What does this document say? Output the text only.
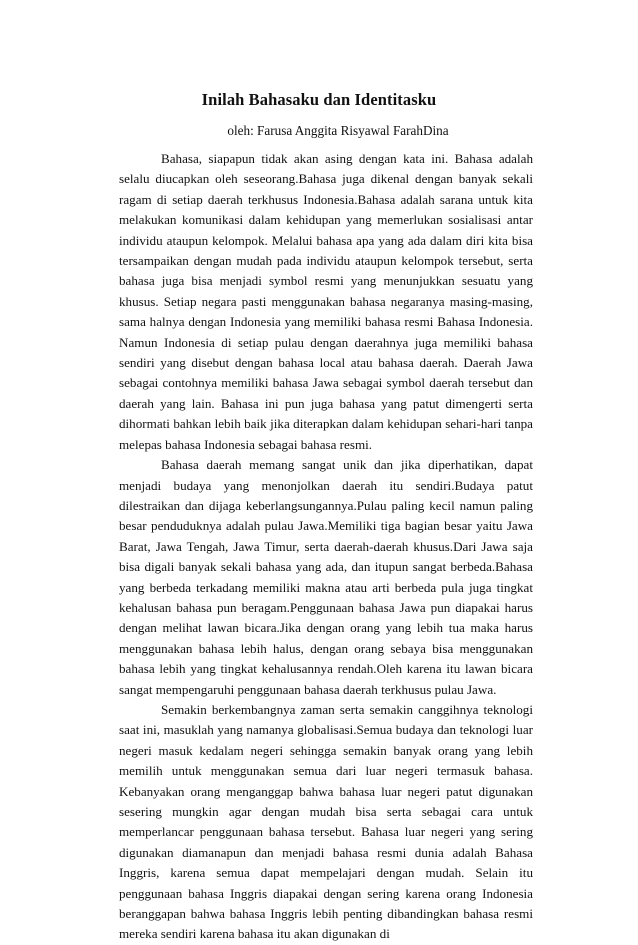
Inilah Bahasaku dan Identitasku

oleh: Farusa Anggita Risyawal FarahDina

Bahasa, siapapun tidak akan asing dengan kata ini. Bahasa adalah selalu diucapkan oleh seseorang.Bahasa juga dikenal dengan banyak sekali ragam di setiap daerah terkhusus Indonesia.Bahasa adalah sarana untuk kita melakukan komunikasi dalam kehidupan yang memerlukan sosialisasi antar individu ataupun kelompok. Melalui bahasa apa yang ada dalam diri kita bisa tersampaikan dengan mudah pada individu ataupun kelompok tersebut, serta bahasa juga bisa menjadi symbol resmi yang menunjukkan sesuatu yang khusus. Setiap negara pasti menggunakan bahasa negaranya masing-masing, sama halnya dengan Indonesia yang memiliki bahasa resmi Bahasa Indonesia. Namun Indonesia di setiap pulau dengan daerahnya juga memiliki bahasa sendiri yang disebut dengan bahasa local atau bahasa daerah. Daerah Jawa sebagai contohnya memiliki bahasa Jawa sebagai symbol daerah tersebut dan daerah yang lain. Bahasa ini pun juga bahasa yang patut dimengerti serta dihormati bahkan lebih baik jika diterapkan dalam kehidupan sehari-hari tanpa melepas bahasa Indonesia sebagai bahasa resmi.

Bahasa daerah memang sangat unik dan jika diperhatikan, dapat menjadi budaya yang menonjolkan daerah itu sendiri.Budaya patut dilestraikan dan dijaga keberlangsungannya.Pulau paling kecil namun paling besar penduduknya adalah pulau Jawa.Memiliki tiga bagian besar yaitu Jawa Barat, Jawa Tengah, Jawa Timur, serta daerah-daerah khusus.Dari Jawa saja bisa digali banyak sekali bahasa yang ada, dan itupun sangat berbeda.Bahasa yang berbeda terkadang memiliki makna atau arti berbeda pula juga tingkat kehalusan bahasa pun beragam.Penggunaan bahasa Jawa pun diapakai harus dengan melihat lawan bicara.Jika dengan orang yang lebih tua maka harus menggunakan bahasa lebih halus, dengan orang sebaya bisa menggunakan bahasa lebih yang tingkat kehalusannya rendah.Oleh karena itu lawan bicara sangat mempengaruhi penggunaan bahasa daerah terkhusus pulau Jawa.

Semakin berkembangnya zaman serta semakin canggihnya teknologi saat ini, masuklah yang namanya globalisasi.Semua budaya dan teknologi luar negeri masuk kedalam negeri sehingga semakin banyak orang yang lebih memilih untuk menggunakan semua dari luar negeri termasuk bahasa. Kebanyakan orang menganggap bahwa bahasa luar negeri patut digunakan sesering mungkin agar dengan mudah bisa serta sebagai cara untuk memperlancar penggunaan bahasa tersebut. Bahasa luar negeri yang sering digunakan diamanapun dan menjadi bahasa resmi dunia adalah Bahasa Inggris, karena semua dapat mempelajari dengan mudah. Selain itu penggunaan bahasa Inggris diapakai dengan sering karena orang Indonesia beranggapan bahwa bahasa Inggris lebih penting dibandingkan bahasa resmi mereka sendiri karena bahasa itu akan digunakan di
